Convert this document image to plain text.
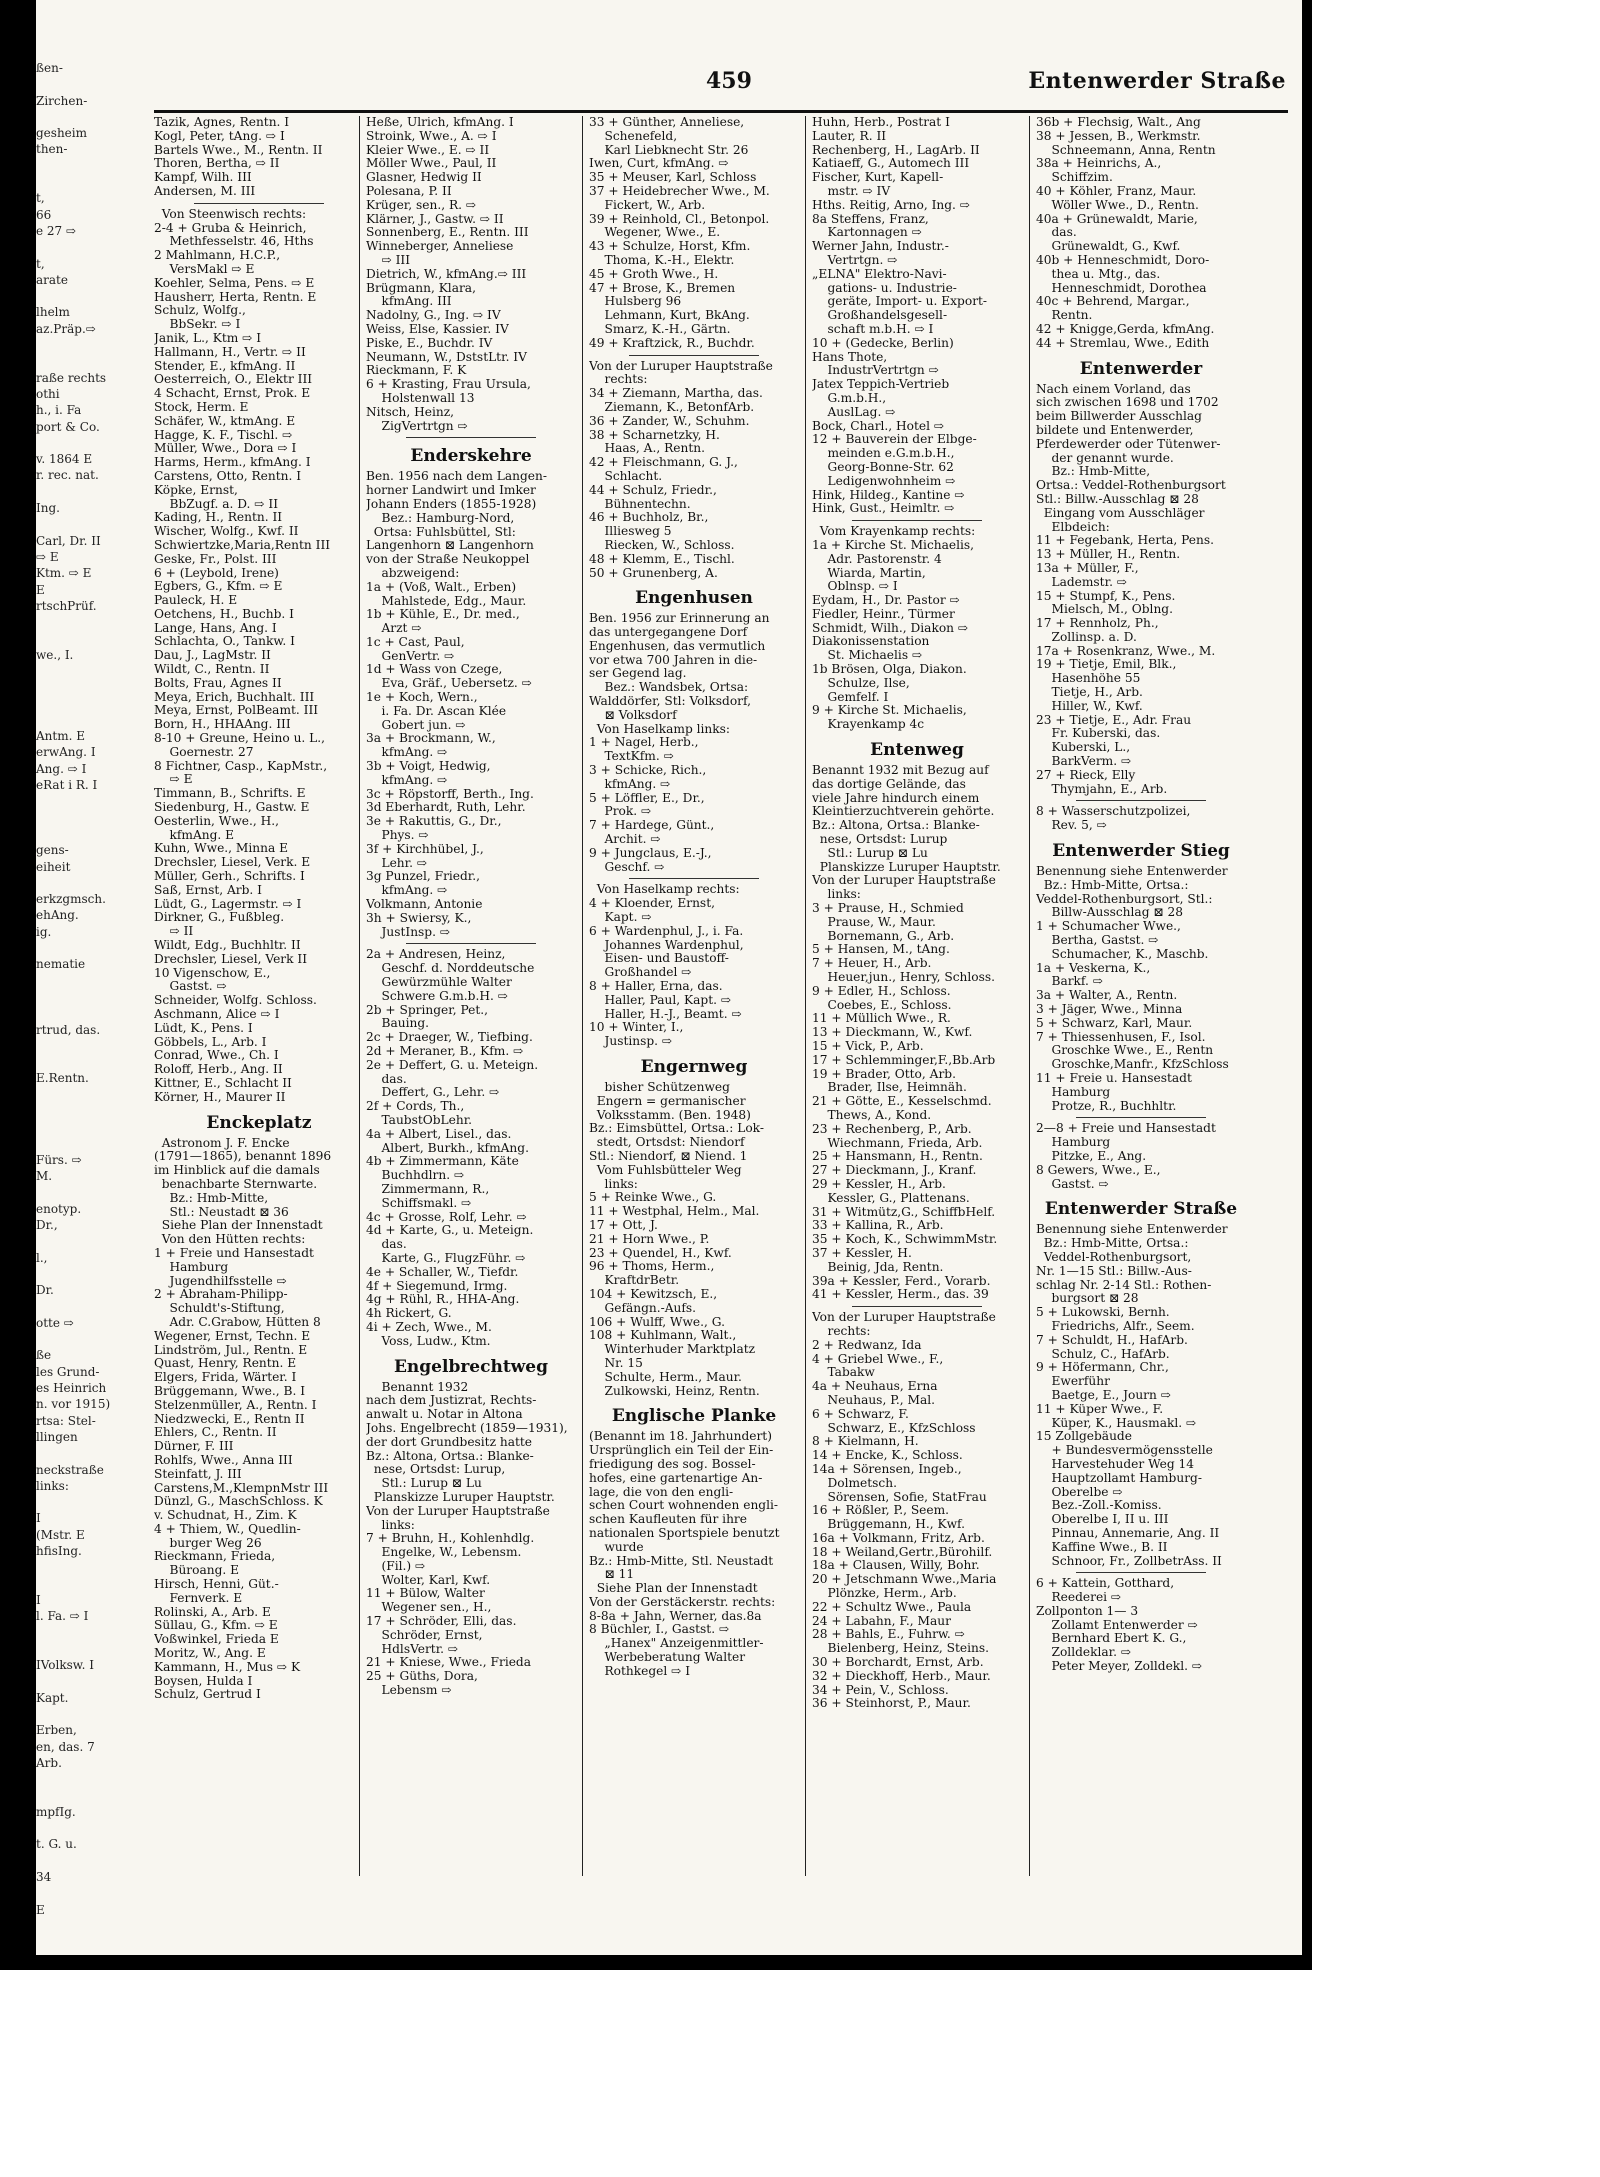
ßen-

Zirchen-

gesheim
then-

t,
66
e 27 ⇨

t,
arate

lhelm
az.Präp.⇨

raße rechts
othi
h., i. Fa
port & Co.

v. 1864 E
r. rec. nat.

Ing.

Carl, Dr. II
⇨ E
Ktm. ⇨ E
E
rtschPrüf.

we., I.

Antm. E
erwAng. I
Ang. ⇨ I
eRat i R. I

gens-
eiheit

erkzgmsch.
ehAng.
ig.

nematie

rtrud, das.

E.Rentn.

Fürs. ⇨
M.

enotyp.
Dr.,

l.,

Dr.

otte ⇨

ße
les Grund-
es Heinrich
n. vor 1915)
rtsa: Stel-
llingen

neckstraße
links:

I
(Mstr. E
hfisIng.

I
l. Fa. ⇨ I

IVolksw. I

Kapt.

Erben,
en, das. 7
Arb.

mpfIg.

t. G. u.

34

E

459	Entenwerder Straße
Tazik, Agnes, Rentn. I
Kogl, Peter, tAng. ⇨ I
Bartels Wwe., M., Rentn. II
Thoren, Bertha, ⇨ II
Kampf, Wilh. III
Andersen, M. III
Von Steenwisch rechts:
2-4 + Gruba & Heinrich,
Methfesselstr. 46, Hths
2 Mahlmann, H.C.P.,
VersMakl ⇨ E
Koehler, Selma, Pens. ⇨ E
Hausherr, Herta, Rentn. E
Schulz, Wolfg.,
BbSekr. ⇨ I
Janik, L., Ktm ⇨ I
Hallmann, H., Vertr. ⇨ II
Stender, E., kfmAng. II
Oesterreich, O., Elektr III
4 Schacht, Ernst, Prok. E
Stock, Herm. E
Schäfer, W., ktmAng. E
Hagge, K. F., Tischl. ⇨
Müller, Wwe., Dora ⇨ I
Harms, Herm., kfmAng. I
Carstens, Otto, Rentn. I
Köpke, Ernst,
BbZugf. a. D. ⇨ II
Kading, H., Rentn. II
Wischer, Wolfg., Kwf. II
Schwiertzke,Maria,Rentn III
Geske, Fr., Polst. III
6 + (Leybold, Irene)
Egbers, G., Kfm. ⇨ E
Pauleck, H. E
Oetchens, H., Buchb. I
Lange, Hans, Ang. I
Schlachta, O., Tankw. I
Dau, J., LagMstr. II
Wildt, C., Rentn. II
Bolts, Frau, Agnes II
Meya, Erich, Buchhalt. III
Meya, Ernst, PolBeamt. III
Born, H., HHAAng. III
8-10 + Greune, Heino u. L.,
Goernestr. 27
8 Fichtner, Casp., KapMstr.,
⇨ E
Timmann, B., Schrifts. E
Siedenburg, H., Gastw. E
Oesterlin, Wwe., H.,
kfmAng. E
Kuhn, Wwe., Minna E
Drechsler, Liesel, Verk. E
Müller, Gerh., Schrifts. I
Saß, Ernst, Arb. I
Lüdt, G., Lagermstr. ⇨ I
Dirkner, G., Fußbleg.
⇨ II
Wildt, Edg., Buchhltr. II
Drechsler, Liesel, Verk II
10 Vigenschow, E.,
Gastst. ⇨
Schneider, Wolfg. Schloss.
Aschmann, Alice ⇨ I
Lüdt, K., Pens. I
Göbbels, L., Arb. I
Conrad, Wwe., Ch. I
Roloff, Herb., Ang. II
Kittner, E., Schlacht II
Körner, H., Maurer II
Enckeplatz
Astronom J. F. Encke
(1791—1865), benannt 1896
im Hinblick auf die damals
benachbarte Sternwarte.
Bz.: Hmb-Mitte,
Stl.: Neustadt ⊠ 36
Siehe Plan der Innenstadt
Von den Hütten rechts:
1 + Freie und Hansestadt
Hamburg
Jugendhilfsstelle ⇨
2 + Abraham-Philipp-
Schuldt's-Stiftung,
Adr. C.Grabow, Hütten 8
Wegener, Ernst, Techn. E
Lindström, Jul., Rentn. E
Quast, Henry, Rentn. E
Elgers, Frida, Wärter. I
Brüggemann, Wwe., B. I
Stelzenmüller, A., Rentn. I
Niedzwecki, E., Rentn II
Ehlers, C., Rentn. II
Dürner, F. III
Rohlfs, Wwe., Anna III
Steinfatt, J. III
Carstens,M.,KlempnMstr III
Dünzl, G., MaschSchloss. K
v. Schudnat, H., Zim. K
4 + Thiem, W., Quedlin-
burger Weg 26
Rieckmann, Frieda,
Büroang. E
Hirsch, Henni, Güt.-
Fernverk. E
Rolinski, A., Arb. E
Süllau, G., Kfm. ⇨ E
Voßwinkel, Frieda E
Moritz, W., Ang. E
Kammann, H., Mus ⇨ K
Boysen, Hulda I
Schulz, Gertrud I
Heße, Ulrich, kfmAng. I
Stroink, Wwe., A. ⇨ I
Kleier Wwe., E. ⇨ II
Möller Wwe., Paul, II
Glasner, Hedwig II
Polesana, P. II
Krüger, sen., R. ⇨
Klärner, J., Gastw. ⇨ II
Sonnenberg, E., Rentn. III
Winneberger, Anneliese
⇨ III
Dietrich, W., kfmAng.⇨ III
Brügmann, Klara,
kfmAng. III
Nadolny, G., Ing. ⇨ IV
Weiss, Else, Kassier. IV
Piske, E., Buchdr. IV
Neumann, W., DststLtr. IV
Rieckmann, F. K
6 + Krasting, Frau Ursula,
Holstenwall 13
Nitsch, Heinz,
ZigVertrtgn ⇨
Enderskehre
Ben. 1956 nach dem Langen-
horner Landwirt und Imker
Johann Enders (1855-1928)
Bez.: Hamburg-Nord,
Ortsa: Fuhlsbüttel, Stl:
Langenhorn ⊠ Langenhorn
von der Straße Neukoppel
abzweigend:
1a + (Voß, Walt., Erben)
Mahlstede, Edg., Maur.
1b + Kühle, E., Dr. med.,
Arzt ⇨
1c + Cast, Paul,
GenVertr. ⇨
1d + Wass von Czege,
Eva, Gräf., Uebersetz. ⇨
1e + Koch, Wern.,
i. Fa. Dr. Ascan Klée
Gobert jun. ⇨
3a + Brockmann, W.,
kfmAng. ⇨
3b + Voigt, Hedwig,
kfmAng. ⇨
3c + Röpstorff, Berth., Ing.
3d Eberhardt, Ruth, Lehr.
3e + Rakuttis, G., Dr.,
Phys. ⇨
3f + Kirchhübel, J.,
Lehr. ⇨
3g Punzel, Friedr.,
kfmAng. ⇨
Volkmann, Antonie
3h + Swiersy, K.,
JustInsp. ⇨
2a + Andresen, Heinz,
Geschf. d. Norddeutsche
Gewürzmühle Walter
Schwere G.m.b.H. ⇨
2b + Springer, Pet.,
Bauing.
2c + Draeger, W., Tiefbing.
2d + Meraner, B., Kfm. ⇨
2e + Deffert, G. u. Meteign.
das.
Deffert, G., Lehr. ⇨
2f + Cords, Th.,
TaubstObLehr.
4a + Albert, Lisel., das.
Albert, Burkh., kfmAng.
4b + Zimmermann, Käte
Buchhdlrn. ⇨
Zimmermann, R.,
Schiffsmakl. ⇨
4c + Grosse, Rolf, Lehr. ⇨
4d + Karte, G., u. Meteign.
das.
Karte, G., FlugzFühr. ⇨
4e + Schaller, W., Tiefdr.
4f + Siegemund, Irmg.
4g + Rühl, R., HHA-Ang.
4h Rickert, G.
4i + Zech, Wwe., M.
Voss, Ludw., Ktm.
Engelbrechtweg
Benannt 1932
nach dem Justizrat, Rechts-
anwalt u. Notar in Altona
Johs. Engelbrecht (1859—1931),
der dort Grundbesitz hatte
Bz.: Altona, Ortsa.: Blanke-
nese, Ortsdst: Lurup,
Stl.: Lurup ⊠ Lu
Planskizze Luruper Hauptstr.
Von der Luruper Hauptstraße
links:
7 + Bruhn, H., Kohlenhdlg.
Engelke, W., Lebensm.
(Fil.) ⇨
Wolter, Karl, Kwf.
11 + Bülow, Walter
Wegener sen., H.,
17 + Schröder, Elli, das.
Schröder, Ernst,
HdlsVertr. ⇨
21 + Kniese, Wwe., Frieda
25 + Güths, Dora,
Lebensm ⇨
33 + Günther, Anneliese,
Schenefeld,
Karl Liebknecht Str. 26
Iwen, Curt, kfmAng. ⇨
35 + Meuser, Karl, Schloss
37 + Heidebrecher Wwe., M.
Fickert, W., Arb.
39 + Reinhold, Cl., Betonpol.
Wegener, Wwe., E.
43 + Schulze, Horst, Kfm.
Thoma, K.-H., Elektr.
45 + Groth Wwe., H.
47 + Brose, K., Bremen
Hulsberg 96
Lehmann, Kurt, BkAng.
Smarz, K.-H., Gärtn.
49 + Kraftzick, R., Buchdr.
Von der Luruper Hauptstraße
rechts:
34 + Ziemann, Martha, das.
Ziemann, K., BetonfArb.
36 + Zander, W., Schuhm.
38 + Scharnetzky, H.
Haas, A., Rentn.
42 + Fleischmann, G. J.,
Schlacht.
44 + Schulz, Friedr.,
Bühnentechn.
46 + Buchholz, Br.,
Illiesweg 5
Riecken, W., Schloss.
48 + Klemm, E., Tischl.
50 + Grunenberg, A.
Engenhusen
Ben. 1956 zur Erinnerung an
das untergegangene Dorf
Engenhusen, das vermutlich
vor etwa 700 Jahren in die-
ser Gegend lag.
Bez.: Wandsbek, Ortsa:
Walddörfer, Stl: Volksdorf,
⊠ Volksdorf
Von Haselkamp links:
1 + Nagel, Herb.,
TextKfm. ⇨
3 + Schicke, Rich.,
kfmAng. ⇨
5 + Löffler, E., Dr.,
Prok. ⇨
7 + Hardege, Günt.,
Archit. ⇨
9 + Jungclaus, E.-J.,
Geschf. ⇨
Von Haselkamp rechts:
4 + Kloender, Ernst,
Kapt. ⇨
6 + Wardenphul, J., i. Fa.
Johannes Wardenphul,
Eisen- und Baustoff-
Großhandel ⇨
8 + Haller, Erna, das.
Haller, Paul, Kapt. ⇨
Haller, H.-J., Beamt. ⇨
10 + Winter, I.,
Justinsp. ⇨
Engernweg
bisher Schützenweg
Engern = germanischer
Volksstamm. (Ben. 1948)
Bz.: Eimsbüttel, Ortsa.: Lok-
stedt, Ortsdst: Niendorf
Stl.: Niendorf, ⊠ Niend. 1
Vom Fuhlsbütteler Weg
links:
5 + Reinke Wwe., G.
11 + Westphal, Helm., Mal.
17 + Ott, J.
21 + Horn Wwe., P.
23 + Quendel, H., Kwf.
96 + Thoms, Herm.,
KraftdrBetr.
104 + Kewitzsch, E.,
Gefängn.-Aufs.
106 + Wulff, Wwe., G.
108 + Kuhlmann, Walt.,
Winterhuder Marktplatz
Nr. 15
Schulte, Herm., Maur.
Zulkowski, Heinz, Rentn.
Englische Planke
(Benannt im 18. Jahrhundert)
Ursprünglich ein Teil der Ein-
friedigung des sog. Bossel-
hofes, eine gartenartige An-
lage, die von den engli-
schen Court wohnenden engli-
schen Kaufleuten für ihre
nationalen Sportspiele benutzt
wurde
Bz.: Hmb-Mitte, Stl. Neustadt
⊠ 11
Siehe Plan der Innenstadt
Von der Gerstäckerstr. rechts:
8-8a + Jahn, Werner, das.8a
8 Büchler, I., Gastst. ⇨
„Hanex" Anzeigenmittler-
Werbeberatung Walter
Rothkegel ⇨ I
Huhn, Herb., Postrat I
Lauter, R. II
Rechenberg, H., LagArb. II
Katiaeff, G., Automech III
Fischer, Kurt, Kapell-
mstr. ⇨ IV
Hths. Reitig, Arno, Ing. ⇨
8a Steffens, Franz,
Kartonnagen ⇨
Werner Jahn, Industr.-
Vertrtgn. ⇨
„ELNA" Elektro-Navi-
gations- u. Industrie-
geräte, Import- u. Export-
Großhandelsgesell-
schaft m.b.H. ⇨ I
10 + (Gedecke, Berlin)
Hans Thote,
IndustrVertrtgn ⇨
Jatex Teppich-Vertrieb
G.m.b.H.,
AuslLag. ⇨
Bock, Charl., Hotel ⇨
12 + Bauverein der Elbge-
meinden e.G.m.b.H.,
Georg-Bonne-Str. 62
Ledigenwohnheim ⇨
Hink, Hildeg., Kantine ⇨
Hink, Gust., Heimltr. ⇨
Vom Krayenkamp rechts:
1a + Kirche St. Michaelis,
Adr. Pastorenstr. 4
Wiarda, Martin,
Oblnsp. ⇨ I
Eydam, H., Dr. Pastor ⇨
Fiedler, Heinr., Türmer
Schmidt, Wilh., Diakon ⇨
Diakonissenstation
St. Michaelis ⇨
1b Brösen, Olga, Diakon.
Schulze, Ilse,
Gemfelf. I
9 + Kirche St. Michaelis,
Krayenkamp 4c
Entenweg
Benannt 1932 mit Bezug auf
das dortige Gelände, das
viele Jahre hindurch einem
Kleintierzuchtverein gehörte.
Bz.: Altona, Ortsa.: Blanke-
nese, Ortsdst: Lurup
Stl.: Lurup ⊠ Lu
Planskizze Luruper Hauptstr.
Von der Luruper Hauptstraße
links:
3 + Prause, H., Schmied
Prause, W., Maur.
Bornemann, G., Arb.
5 + Hansen, M., tAng.
7 + Heuer, H., Arb.
Heuer,jun., Henry, Schloss.
9 + Edler, H., Schloss.
Coebes, E., Schloss.
11 + Müllich Wwe., R.
13 + Dieckmann, W., Kwf.
15 + Vick, P., Arb.
17 + Schlemminger,F.,Bb.Arb
19 + Brader, Otto, Arb.
Brader, Ilse, Heimnäh.
21 + Götte, E., Kesselschmd.
Thews, A., Kond.
23 + Rechenberg, P., Arb.
Wiechmann, Frieda, Arb.
25 + Hansmann, H., Rentn.
27 + Dieckmann, J., Kranf.
29 + Kessler, H., Arb.
Kessler, G., Plattenans.
31 + Witmütz,G., SchiffbHelf.
33 + Kallina, R., Arb.
35 + Koch, K., SchwimmMstr.
37 + Kessler, H.
Beinig, Jda, Rentn.
39a + Kessler, Ferd., Vorarb.
41 + Kessler, Herm., das. 39
Von der Luruper Hauptstraße
rechts:
2 + Redwanz, Ida
4 + Griebel Wwe., F.,
Tabakw
4a + Neuhaus, Erna
Neuhaus, P., Mal.
6 + Schwarz, F.
Schwarz, E., KfzSchloss
8 + Kielmann, H.
14 + Encke, K., Schloss.
14a + Sörensen, Ingeb.,
Dolmetsch.
Sörensen, Sofie, StatFrau
16 + Rößler, P., Seem.
Brüggemann, H., Kwf.
16a + Volkmann, Fritz, Arb.
18 + Weiland,Gertr.,Bürohilf.
18a + Clausen, Willy, Bohr.
20 + Jetschmann Wwe.,Maria
Plönzke, Herm., Arb.
22 + Schultz Wwe., Paula
24 + Labahn, F., Maur
28 + Bahls, E., Fuhrw. ⇨
Bielenberg, Heinz, Steins.
30 + Borchardt, Ernst, Arb.
32 + Dieckhoff, Herb., Maur.
34 + Pein, V., Schloss.
36 + Steinhorst, P., Maur.
36b + Flechsig, Walt., Ang
38 + Jessen, B., Werkmstr.
Schneemann, Anna, Rentn
38a + Heinrichs, A.,
Schiffzim.
40 + Köhler, Franz, Maur.
Wöller Wwe., D., Rentn.
40a + Grünewaldt, Marie,
das.
Grünewaldt, G., Kwf.
40b + Henneschmidt, Doro-
thea u. Mtg., das.
Henneschmidt, Dorothea
40c + Behrend, Margar.,
Rentn.
42 + Knigge,Gerda, kfmAng.
44 + Stremlau, Wwe., Edith
Entenwerder
Nach einem Vorland, das
sich zwischen 1698 und 1702
beim Billwerder Ausschlag
bildete und Entenwerder,
Pferdewerder oder Tütenwer-
der genannt wurde.
Bz.: Hmb-Mitte,
Ortsa.: Veddel-Rothenburgsort
Stl.: Billw.-Ausschlag ⊠ 28
Eingang vom Ausschläger
Elbdeich:
11 + Fegebank, Herta, Pens.
13 + Müller, H., Rentn.
13a + Müller, F.,
Lademstr. ⇨
15 + Stumpf, K., Pens.
Mielsch, M., Oblng.
17 + Rennholz, Ph.,
Zollinsp. a. D.
17a + Rosenkranz, Wwe., M.
19 + Tietje, Emil, Blk.,
Hasenhöhe 55
Tietje, H., Arb.
Hiller, W., Kwf.
23 + Tietje, E., Adr. Frau
Fr. Kuberski, das.
Kuberski, L.,
BarkVerm. ⇨
27 + Rieck, Elly
Thymjahn, E., Arb.
8 + Wasserschutzpolizei,
Rev. 5, ⇨
Entenwerder Stieg
Benennung siehe Entenwerder
Bz.: Hmb-Mitte, Ortsa.:
Veddel-Rothenburgsort, Stl.:
Billw-Ausschlag ⊠ 28
1 + Schumacher Wwe.,
Bertha, Gastst. ⇨
Schumacher, K., Maschb.
1a + Veskerna, K.,
Barkf. ⇨
3a + Walter, A., Rentn.
3 + Jäger, Wwe., Minna
5 + Schwarz, Karl, Maur.
7 + Thiessenhusen, F., Isol.
Groschke Wwe., E., Rentn
Groschke,Manfr., KfzSchloss
11 + Freie u. Hansestadt
Hamburg
Protze, R., Buchhltr.
2—8 + Freie und Hansestadt
Hamburg
Pitzke, E., Ang.
8 Gewers, Wwe., E.,
Gastst. ⇨
Entenwerder Straße
Benennung siehe Entenwerder
Bz.: Hmb-Mitte, Ortsa.:
Veddel-Rothenburgsort,
Nr. 1—15 Stl.: Billw.-Aus-
schlag Nr. 2-14 Stl.: Rothen-
burgsort ⊠ 28
5 + Lukowski, Bernh.
Friedrichs, Alfr., Seem.
7 + Schuldt, H., HafArb.
Schulz, C., HafArb.
9 + Höfermann, Chr.,
Ewerführ
Baetge, E., Journ ⇨
11 + Küper Wwe., F.
Küper, K., Hausmakl. ⇨
15 Zollgebäude
+ Bundesvermögensstelle
Harvestehuder Weg 14
Hauptzollamt Hamburg-
Oberelbe ⇨
Bez.-Zoll.-Komiss.
Oberelbe I, II u. III
Pinnau, Annemarie, Ang. II
Kaffine Wwe., B. II
Schnoor, Fr., ZollbetrAss. II
6 + Kattein, Gotthard,
Reederei ⇨
Zollponton 1— 3
Zollamt Entenwerder ⇨
Bernhard Ebert K. G.,
Zolldeklar. ⇨
Peter Meyer, Zolldekl. ⇨
